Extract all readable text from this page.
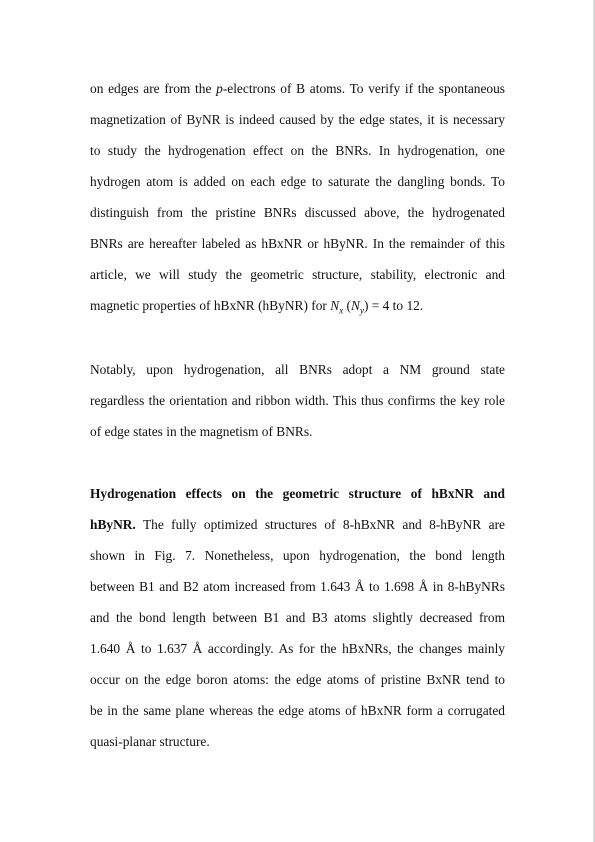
on edges are from the p-electrons of B atoms. To verify if the spontaneous
magnetization of ByNR is indeed caused by the edge states, it is necessary
to study the hydrogenation effect on the BNRs. In hydrogenation, one
hydrogen atom is added on each edge to saturate the dangling bonds. To
distinguish from the pristine BNRs discussed above, the hydrogenated
BNRs are hereafter labeled as hBxNR or hByNR. In the remainder of this
article, we will study the geometric structure, stability, electronic and
magnetic properties of hBxNR (hByNR) for $N_x$ $(N_y) = 4$ to 12.
Notably, upon hydrogenation, all BNRs adopt a NM ground state
regardless the orientation and ribbon width. This thus confirms the key role
of edge states in the magnetism of BNRs.
Hydrogenation effects on the geometric structure of hBxNR and
hByNR. The fully optimized structures of 8-hBxNR and 8-hByNR are
shown in Fig. 7. Nonetheless, upon hydrogenation, the bond length
between B1 and B2 atom increased from 1.643 Å to 1.698 Å in 8-hByNRs
and the bond length between B1 and B3 atoms slightly decreased from
1.640 Å to 1.637 Å accordingly. As for the hBxNRs, the changes mainly
occur on the edge boron atoms: the edge atoms of pristine BxNR tend to
be in the same plane whereas the edge atoms of hBxNR form a corrugated
quasi-planar structure.
